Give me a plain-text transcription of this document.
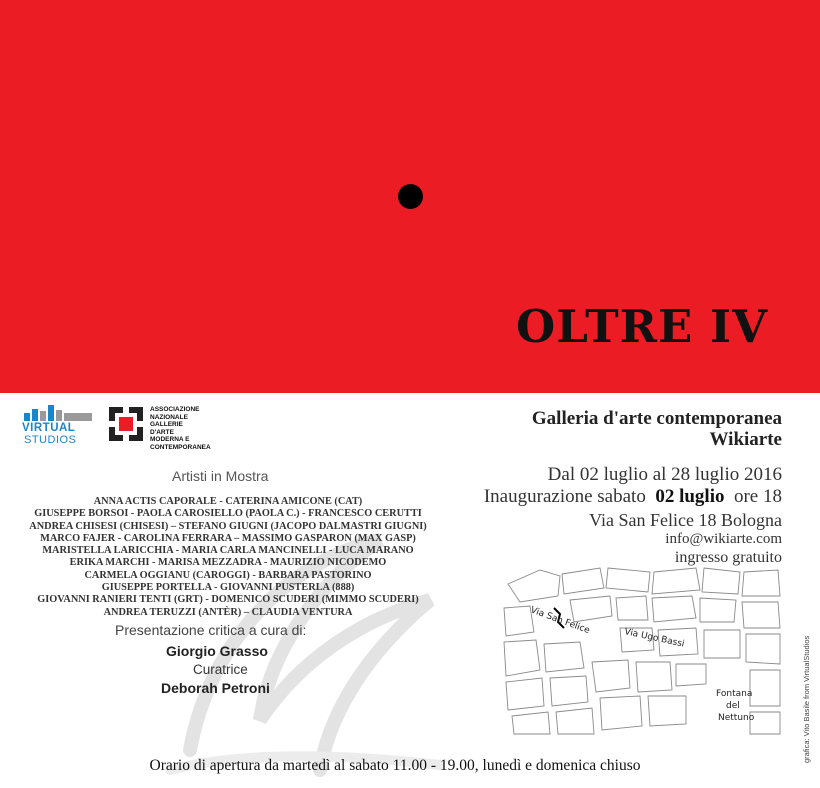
OLTRE IV
VIRTUAL
STUDIOS
ASSOCIAZIONE
NAZIONALE
GALLERIE
D'ARTE
MODERNA E
CONTEMPORANEA
Galleria d'arte contemporanea
Wikiarte
Dal 02 luglio al 28 luglio 2016
Inaugurazione sabato 02 luglio ore 18
Via San Felice 18 Bologna
info@wikiarte.com
ingresso gratuito
Artisti in Mostra
ANNA ACTIS CAPORALE - CATERINA AMICONE (CAT)
GIUSEPPE BORSOI - PAOLA CAROSIELLO (PAOLA C.) - FRANCESCO CERUTTI
ANDREA CHISESI (CHISESI) – STEFANO GIUGNI (JACOPO DALMASTRI GIUGNI)
MARCO FAJER - CAROLINA FERRARA – MASSIMO GASPARON (MAX GASP)
MARISTELLA LARICCHIA - MARIA CARLA MANCINELLI - LUCA MARANO
ERIKA MARCHI - MARISA MEZZADRA - MAURIZIO NICODEMO
CARMELA OGGIANU (CAROGGI) - BARBARA PASTORINO
GIUSEPPE PORTELLA - GIOVANNI PUSTERLA (888)
GIOVANNI RANIERI TENTI (GRT) - DOMENICO SCUDERI (MIMMO SCUDERI)
ANDREA TERUZZI (ANTÈR) – CLAUDIA VENTURA
Presentazione critica a cura di:
Giorgio Grasso
Curatrice
Deborah Petroni
Via San Felice
Via Ugo Bassi
Fontana
del
Nettuno
Orario di apertura da martedì al sabato 11.00 - 19.00, lunedì e domenica chiuso
grafica: Vito Basile from VirtualStudios
